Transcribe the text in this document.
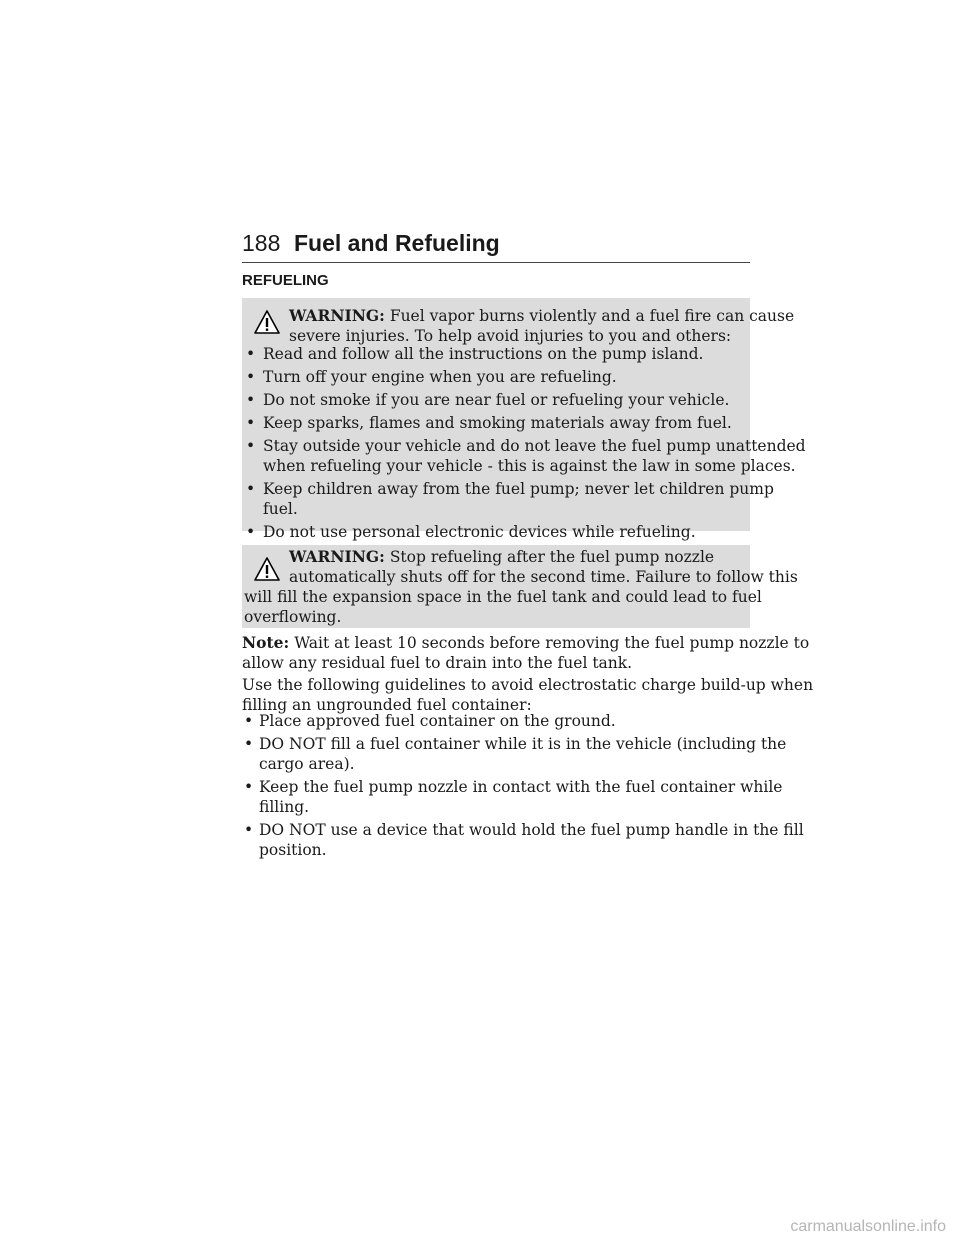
188 Fuel and Refueling
REFUELING
WARNING: Fuel vapor burns violently and a fuel fire can cause
severe injuries. To help avoid injuries to you and others:
• Read and follow all the instructions on the pump island.
• Turn off your engine when you are refueling.
• Do not smoke if you are near fuel or refueling your vehicle.
• Keep sparks, flames and smoking materials away from fuel.
• Stay outside your vehicle and do not leave the fuel pump unattended
when refueling your vehicle - this is against the law in some places.
• Keep children away from the fuel pump; never let children pump
fuel.
• Do not use personal electronic devices while refueling.
WARNING: Stop refueling after the fuel pump nozzle
automatically shuts off for the second time. Failure to follow this
will fill the expansion space in the fuel tank and could lead to fuel
overflowing.
Note: Wait at least 10 seconds before removing the fuel pump nozzle to
allow any residual fuel to drain into the fuel tank.
Use the following guidelines to avoid electrostatic charge build-up when
filling an ungrounded fuel container:
• Place approved fuel container on the ground.
• DO NOT fill a fuel container while it is in the vehicle (including the
cargo area).
• Keep the fuel pump nozzle in contact with the fuel container while
filling.
• DO NOT use a device that would hold the fuel pump handle in the fill
position.
carmanualsonline.info
